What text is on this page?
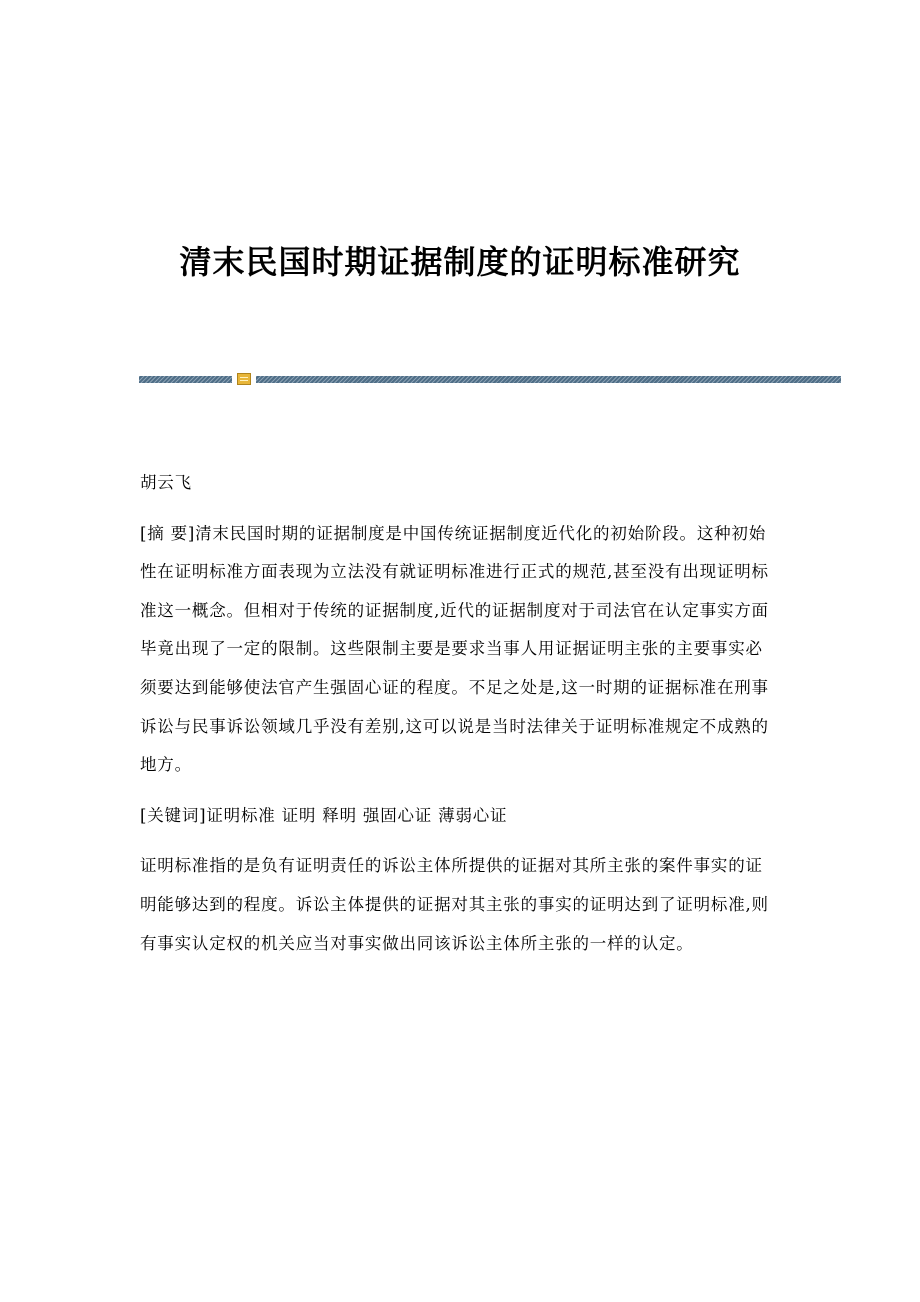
清末民国时期证据制度的证明标准研究

胡云飞

[摘 要]清末民国时期的证据制度是中国传统证据制度近代化的初始阶段。这种初始性在证明标准方面表现为立法没有就证明标准进行正式的规范,甚至没有出现证明标准这一概念。但相对于传统的证据制度,近代的证据制度对于司法官在认定事实方面毕竟出现了一定的限制。这些限制主要是要求当事人用证据证明主张的主要事实必须要达到能够使法官产生强固心证的程度。不足之处是,这一时期的证据标准在刑事诉讼与民事诉讼领域几乎没有差别,这可以说是当时法律关于证明标准规定不成熟的地方。

[关键词]证明标准 证明 释明 强固心证 薄弱心证

证明标准指的是负有证明责任的诉讼主体所提供的证据对其所主张的案件事实的证明能够达到的程度。诉讼主体提供的证据对其主张的事实的证明达到了证明标准,则有事实认定权的机关应当对事实做出同该诉讼主体所主张的一样的认定。
